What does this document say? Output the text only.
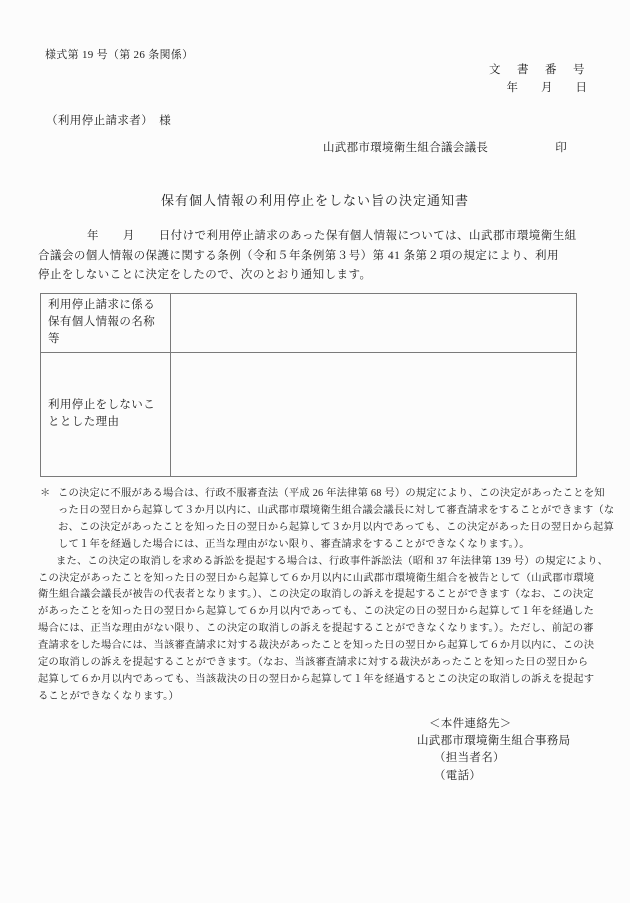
様式第 19 号（第 26 条関係）
文　書　番　号
年　　月　　日
（利用停止請求者）　様
山武郡市環境衛生組合議会議長	印
保有個人情報の利用停止をしない旨の決定通知書
年　　月　　日付けで利用停止請求のあった保有個人情報については、山武郡市環境衛生組
合議会の個人情報の保護に関する条例（令和５年条例第３号）第 41 条第２項の規定により、利用
停止をしないことに決定をしたので、次のとおり通知します。
利用停止請求に係る
保有個人情報の名称
等	

利用停止をしないこ
ととした理由	

＊ この決定に不服がある場合は、行政不服審査法（平成 26 年法律第 68 号）の規定により、この決定があったことを知
った日の翌日から起算して３か月以内に、山武郡市環境衛生組合議会議長に対して審査請求をすることができます（な
お、この決定があったことを知った日の翌日から起算して３か月以内であっても、この決定があった日の翌日から起算
して１年を経過した場合には、正当な理由がない限り、審査請求をすることができなくなります。）。
また、この決定の取消しを求める訴訟を提起する場合は、行政事件訴訟法（昭和 37 年法律第 139 号）の規定により、
この決定があったことを知った日の翌日から起算して６か月以内に山武郡市環境衛生組合を被告として（山武郡市環境
衛生組合議会議長が被告の代表者となります。）、この決定の取消しの訴えを提起することができます（なお、この決定
があったことを知った日の翌日から起算して６か月以内であっても、この決定の日の翌日から起算して１年を経過した
場合には、正当な理由がない限り、この決定の取消しの訴えを提起することができなくなります。）。ただし、前記の審
査請求をした場合には、当該審査請求に対する裁決があったことを知った日の翌日から起算して６か月以内に、この決
定の取消しの訴えを提起することができます。（なお、当該審査請求に対する裁決があったことを知った日の翌日から
起算して６か月以内であっても、当該裁決の日の翌日から起算して１年を経過するとこの決定の取消しの訴えを提起す
ることができなくなります。）
＜本件連絡先＞
山武郡市環境衛生組合事務局
（担当者名）
（電話）
